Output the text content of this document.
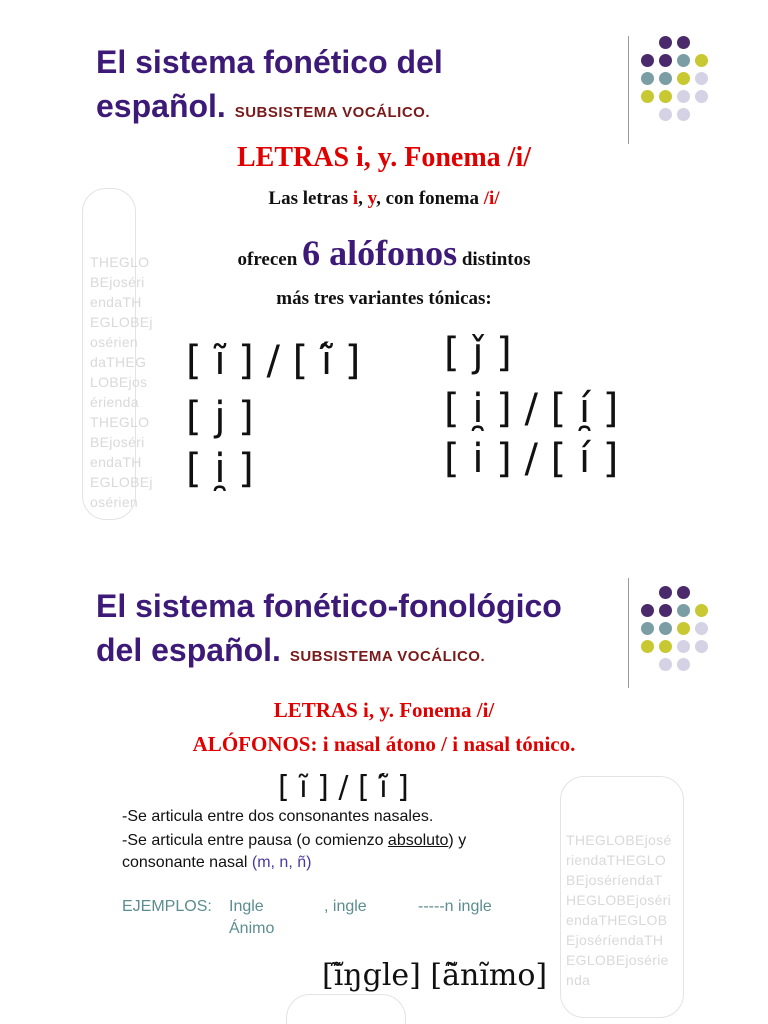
El sistema fonético del
español. SUBSISTEMA VOCÁLICO.
THEGLO
BEjoséri
endaTH
EGLOBEj
osérien
daTHEG
LOBEjos
érienda
THEGLO
BEjoséri
endaTH
EGLOBEj
osérien
LETRAS i, y. Fonema /i/
Las letras i, y, con fonema /i/
ofrecen 6 alófonos distintos
más tres variantes tónicas:
[ ĩ ] / [ ĩ́ ]
[ j ]
[ i̯ ]
[ ǰ ]
[ i̯ ] / [ í̯ ]
[ i ] / [ í ]
El sistema fonético-fonológico
del español. SUBSISTEMA VOCÁLICO.
LETRAS i, y. Fonema /i/
ALÓFONOS: i nasal átono / i nasal tónico.
[ ĩ ] / [ ĩ́ ]
-Se articula entre dos consonantes nasales.
-Se articula entre pausa (o comienzo absoluto) y
consonante nasal (m, n, ñ)
EJEMPLOS: Ingle	, ingle	-----n ingle
Ánimo
THEGLOBEjosé
riendaTHEGLO
BEjoséríendaT
HEGLOBEjoséri
endaTHEGLOB
EjoséríendaTH
EGLOBEjosérie
nda
[ĩ̃ŋgle] [ã̃nĩmo]
